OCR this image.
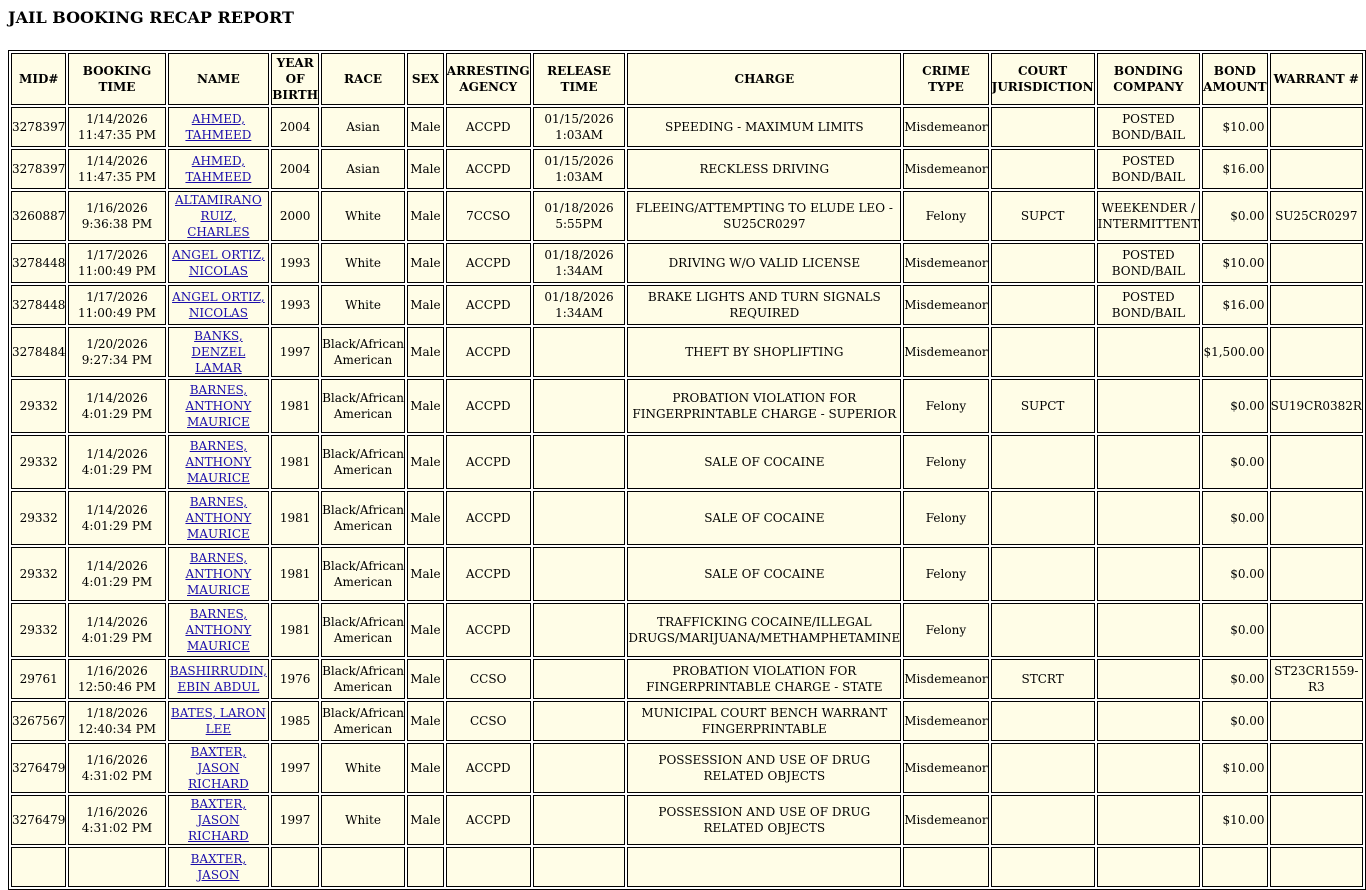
JAIL BOOKING RECAP REPORT
MID#	BOOKING TIME	NAME	YEAR OF BIRTH	RACE	SEX	ARRESTING AGENCY	RELEASE TIME	CHARGE	CRIME TYPE	COURT JURISDICTION	BONDING COMPANY	BOND AMOUNT	WARRANT #
3278397	1/14/2026 11:47:35 PM	AHMED, TAHMEED	2004	Asian	Male	ACCPD	01/15/2026 1:03AM	SPEEDING - MAXIMUM LIMITS	Misdemeanor		POSTED BOND/BAIL	$10.00	
3278397	1/14/2026 11:47:35 PM	AHMED, TAHMEED	2004	Asian	Male	ACCPD	01/15/2026 1:03AM	RECKLESS DRIVING	Misdemeanor		POSTED BOND/BAIL	$16.00	
3260887	1/16/2026 9:36:38 PM	ALTAMIRANO RUIZ, CHARLES	2000	White	Male	7CCSO	01/18/2026 5:55PM	FLEEING/ATTEMPTING TO ELUDE LEO - SU25CR0297	Felony	SUPCT	WEEKENDER / INTERMITTENT	$0.00	SU25CR0297
3278448	1/17/2026 11:00:49 PM	ANGEL ORTIZ, NICOLAS	1993	White	Male	ACCPD	01/18/2026 1:34AM	DRIVING W/O VALID LICENSE	Misdemeanor		POSTED BOND/BAIL	$10.00	
3278448	1/17/2026 11:00:49 PM	ANGEL ORTIZ, NICOLAS	1993	White	Male	ACCPD	01/18/2026 1:34AM	BRAKE LIGHTS AND TURN SIGNALS REQUIRED	Misdemeanor		POSTED BOND/BAIL	$16.00	
3278484	1/20/2026 9:27:34 PM	BANKS, DENZEL LAMAR	1997	Black/African American	Male	ACCPD		THEFT BY SHOPLIFTING	Misdemeanor			$1,500.00	
29332	1/14/2026 4:01:29 PM	BARNES, ANTHONY MAURICE	1981	Black/African American	Male	ACCPD		PROBATION VIOLATION FOR FINGERPRINTABLE CHARGE - SUPERIOR	Felony	SUPCT		$0.00	SU19CR0382R
29332	1/14/2026 4:01:29 PM	BARNES, ANTHONY MAURICE	1981	Black/African American	Male	ACCPD		SALE OF COCAINE	Felony			$0.00	
29332	1/14/2026 4:01:29 PM	BARNES, ANTHONY MAURICE	1981	Black/African American	Male	ACCPD		SALE OF COCAINE	Felony			$0.00	
29332	1/14/2026 4:01:29 PM	BARNES, ANTHONY MAURICE	1981	Black/African American	Male	ACCPD		SALE OF COCAINE	Felony			$0.00	
29332	1/14/2026 4:01:29 PM	BARNES, ANTHONY MAURICE	1981	Black/African American	Male	ACCPD		TRAFFICKING COCAINE/ILLEGAL DRUGS/MARIJUANA/METHAMPHETAMINE	Felony			$0.00	
29761	1/16/2026 12:50:46 PM	BASHIRRUDIN, EBIN ABDUL	1976	Black/African American	Male	CCSO		PROBATION VIOLATION FOR FINGERPRINTABLE CHARGE - STATE	Misdemeanor	STCRT		$0.00	ST23CR1559-R3
3267567	1/18/2026 12:40:34 PM	BATES, LARON LEE	1985	Black/African American	Male	CCSO		MUNICIPAL COURT BENCH WARRANT FINGERPRINTABLE	Misdemeanor			$0.00	
3276479	1/16/2026 4:31:02 PM	BAXTER, JASON RICHARD	1997	White	Male	ACCPD		POSSESSION AND USE OF DRUG RELATED OBJECTS	Misdemeanor			$10.00	
3276479	1/16/2026 4:31:02 PM	BAXTER, JASON RICHARD	1997	White	Male	ACCPD		POSSESSION AND USE OF DRUG RELATED OBJECTS	Misdemeanor			$10.00	
		BAXTER, JASON											
